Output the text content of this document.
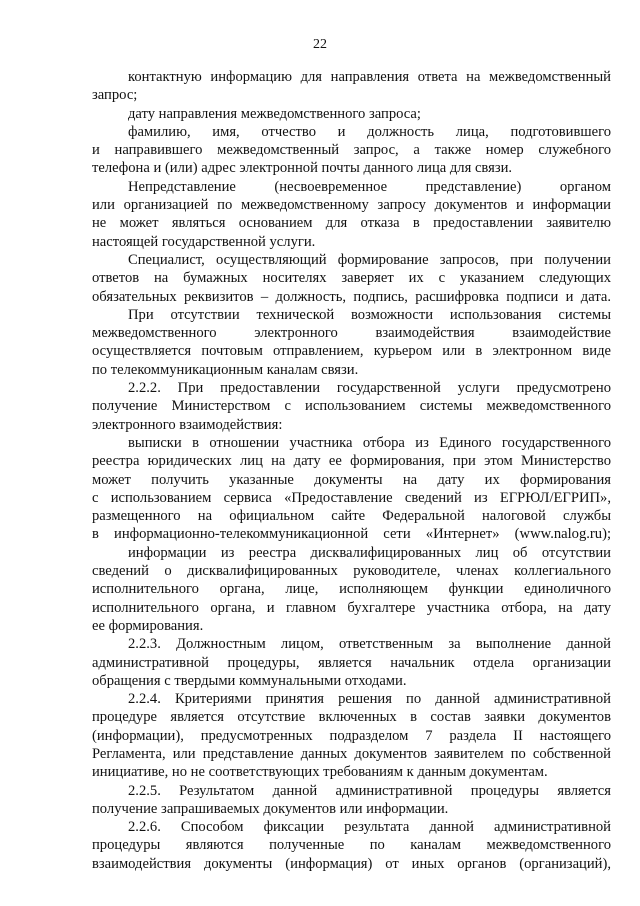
22
контактную информацию для направления ответа на межведомственный
запрос;
дату направления межведомственного запроса;
фамилию, имя, отчество и должность лица, подготовившего
и направившего межведомственный запрос, а также номер служебного
телефона и (или) адрес электронной почты данного лица для связи.
Непредставление (несвоевременное представление) органом
или организацией по межведомственному запросу документов и информации
не может являться основанием для отказа в предоставлении заявителю
настоящей государственной услуги.
Специалист, осуществляющий формирование запросов, при получении
ответов на бумажных носителях заверяет их с указанием следующих
обязательных реквизитов – должность, подпись, расшифровка подписи и дата.
При отсутствии технической возможности использования системы
межведомственного электронного взаимодействия взаимодействие
осуществляется почтовым отправлением, курьером или в электронном виде
по телекоммуникационным каналам связи.
2.2.2. При предоставлении государственной услуги предусмотрено
получение Министерством с использованием системы межведомственного
электронного взаимодействия:
выписки в отношении участника отбора из Единого государственного
реестра юридических лиц на дату ее формирования, при этом Министерство
может получить указанные документы на дату их формирования
с использованием сервиса «Предоставление сведений из ЕГРЮЛ/ЕГРИП»,
размещенного на официальном сайте Федеральной налоговой службы
в информационно-телекоммуникационной сети «Интернет» (www.nalog.ru);
информации из реестра дисквалифицированных лиц об отсутствии
сведений о дисквалифицированных руководителе, членах коллегиального
исполнительного органа, лице, исполняющем функции единоличного
исполнительного органа, и главном бухгалтере участника отбора, на дату
ее формирования.
2.2.3. Должностным лицом, ответственным за выполнение данной
административной процедуры, является начальник отдела организации
обращения с твердыми коммунальными отходами.
2.2.4. Критериями принятия решения по данной административной
процедуре является отсутствие включенных в состав заявки документов
(информации), предусмотренных подразделом 7 раздела II настоящего
Регламента, или представление данных документов заявителем по собственной
инициативе, но не соответствующих требованиям к данным документам.
2.2.5. Результатом данной административной процедуры является
получение запрашиваемых документов или информации.
2.2.6. Способом фиксации результата данной административной
процедуры являются полученные по каналам межведомственного
взаимодействия документы (информация) от иных органов (организаций),
